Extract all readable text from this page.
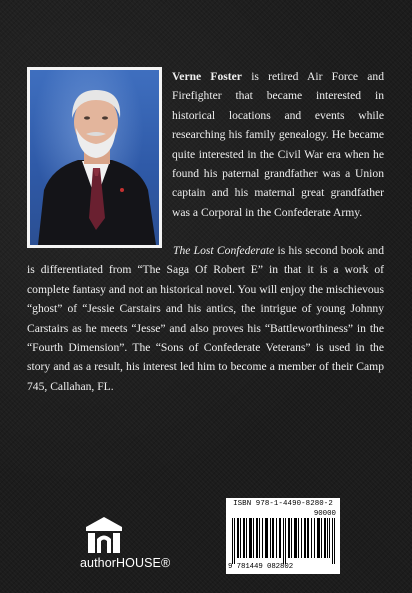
Verne Foster is retired Air Force and Firefighter that became interested in historical locations and events while researching his family genealogy. He became quite interested in the Civil War era when he found his paternal grandfather was a Union captain and his maternal great grandfather was a Corporal in the Confederate Army.

The Lost Confederate is his second book and is differentiated from “The Saga Of Robert E” in that it is a work of complete fantasy and not an historical novel. You will enjoy the mischievous “ghost” of “Jessie Carstairs and his antics, the intrigue of young Johnny Carstairs as he meets “Jesse” and also proves his “Battleworthiness” in the “Fourth Dimension”. The “Sons of Confederate Veterans” is used in the story and as a result, his interest led him to become a member of their Camp 745, Callahan, FL.

authorHOUSE®
ISBN 978-1-4490-8280-2
90000
9 781449 082802
